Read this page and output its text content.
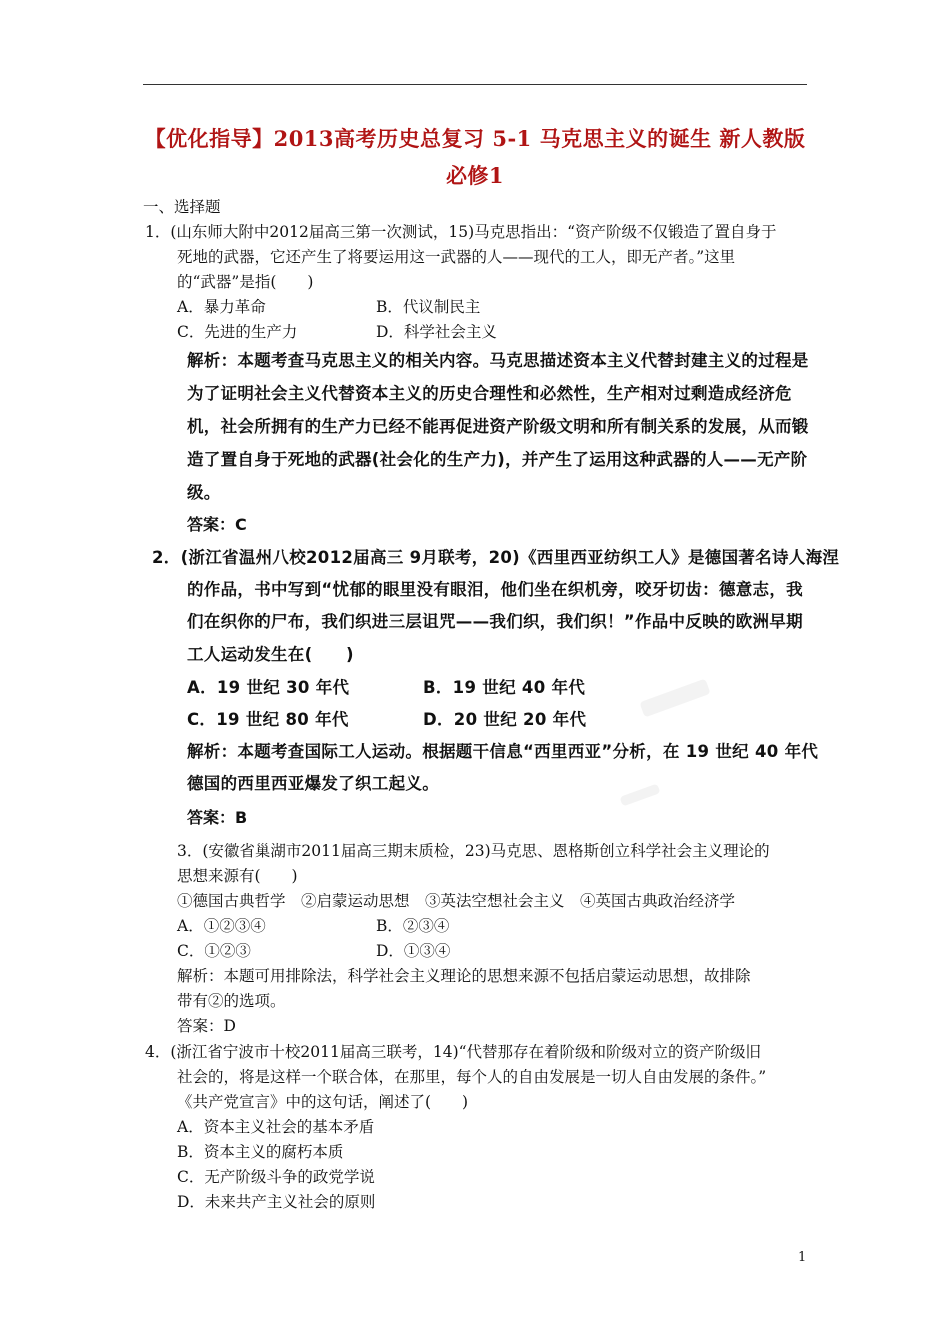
【优化指导】2013高考历史总复习 5-1 马克思主义的诞生 新人教版
必修1
一、选择题
1．(山东师大附中2012届高三第一次测试，15)马克思指出：“资产阶级不仅锻造了置自身于
死地的武器，它还产生了将要运用这一武器的人——现代的工人，即无产者。”这里
的“武器”是指(　　)
A．暴力革命	B．代议制民主
C．先进的生产力	D．科学社会主义
解析：本题考查马克思主义的相关内容。马克思描述资本主义代替封建主义的过程是
为了证明社会主义代替资本主义的历史合理性和必然性，生产相对过剩造成经济危
机，社会所拥有的生产力已经不能再促进资产阶级文明和所有制关系的发展，从而锻
造了置自身于死地的武器(社会化的生产力)，并产生了运用这种武器的人——无产阶
级。
答案：C
2．(浙江省温州八校2012届高三 9月联考，20)《西里西亚纺织工人》是德国著名诗人海涅
的作品，书中写到“忧郁的眼里没有眼泪，他们坐在织机旁，咬牙切齿：德意志，我
们在织你的尸布，我们织进三层诅咒——我们织，我们织！”作品中反映的欧洲早期
工人运动发生在(　　)
A．19 世纪 30 年代	B．19 世纪 40 年代
C．19 世纪 80 年代	D．20 世纪 20 年代
解析：本题考查国际工人运动。根据题干信息“西里西亚”分析，在 19 世纪 40 年代
德国的西里西亚爆发了织工起义。
答案：B
3．(安徽省巢湖市2011届高三期末质检，23)马克思、恩格斯创立科学社会主义理论的
思想来源有(　　)
①德国古典哲学　②启蒙运动思想　③英法空想社会主义　④英国古典政治经济学
A．①②③④	B．②③④
C．①②③	D．①③④
解析：本题可用排除法，科学社会主义理论的思想来源不包括启蒙运动思想，故排除
带有②的选项。
答案：D
4．(浙江省宁波市十校2011届高三联考，14)“代替那存在着阶级和阶级对立的资产阶级旧
社会的，将是这样一个联合体，在那里，每个人的自由发展是一切人自由发展的条件。”
《共产党宣言》中的这句话，阐述了(　　)
A．资本主义社会的基本矛盾
B．资本主义的腐朽本质
C．无产阶级斗争的政党学说
D．未来共产主义社会的原则
1
